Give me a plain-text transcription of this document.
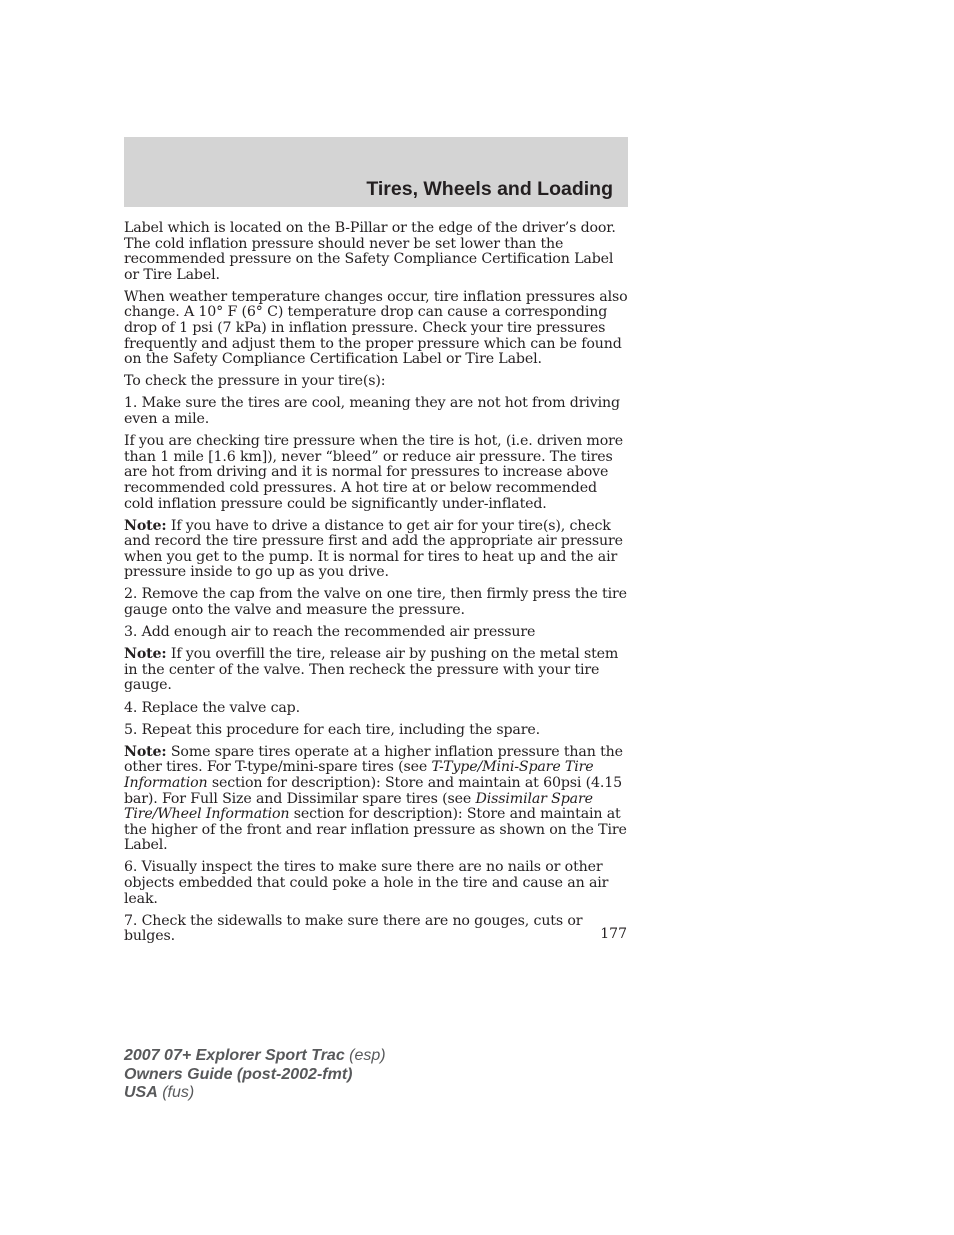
Tires, Wheels and Loading

Label which is located on the B-Pillar or the edge of the driver’s door. The cold inflation pressure should never be set lower than the recommended pressure on the Safety Compliance Certification Label or Tire Label.

When weather temperature changes occur, tire inflation pressures also change. A 10° F (6° C) temperature drop can cause a corresponding drop of 1 psi (7 kPa) in inflation pressure. Check your tire pressures frequently and adjust them to the proper pressure which can be found on the Safety Compliance Certification Label or Tire Label.

To check the pressure in your tire(s):

1. Make sure the tires are cool, meaning they are not hot from driving even a mile.

If you are checking tire pressure when the tire is hot, (i.e. driven more than 1 mile [1.6 km]), never “bleed” or reduce air pressure. The tires are hot from driving and it is normal for pressures to increase above recommended cold pressures. A hot tire at or below recommended cold inflation pressure could be significantly under-inflated.

Note: If you have to drive a distance to get air for your tire(s), check and record the tire pressure first and add the appropriate air pressure when you get to the pump. It is normal for tires to heat up and the air pressure inside to go up as you drive.

2. Remove the cap from the valve on one tire, then firmly press the tire gauge onto the valve and measure the pressure.

3. Add enough air to reach the recommended air pressure

Note: If you overfill the tire, release air by pushing on the metal stem in the center of the valve. Then recheck the pressure with your tire gauge.

4. Replace the valve cap.

5. Repeat this procedure for each tire, including the spare.

Note: Some spare tires operate at a higher inflation pressure than the other tires. For T-type/mini-spare tires (see T-Type/Mini-Spare Tire Information section for description): Store and maintain at 60psi (4.15 bar). For Full Size and Dissimilar spare tires (see Dissimilar Spare Tire/Wheel Information section for description): Store and maintain at the higher of the front and rear inflation pressure as shown on the Tire Label.

6. Visually inspect the tires to make sure there are no nails or other objects embedded that could poke a hole in the tire and cause an air leak.

7. Check the sidewalls to make sure there are no gouges, cuts or bulges.	177
2007 07+ Explorer Sport Trac (esp)
Owners Guide (post-2002-fmt)
USA (fus)
